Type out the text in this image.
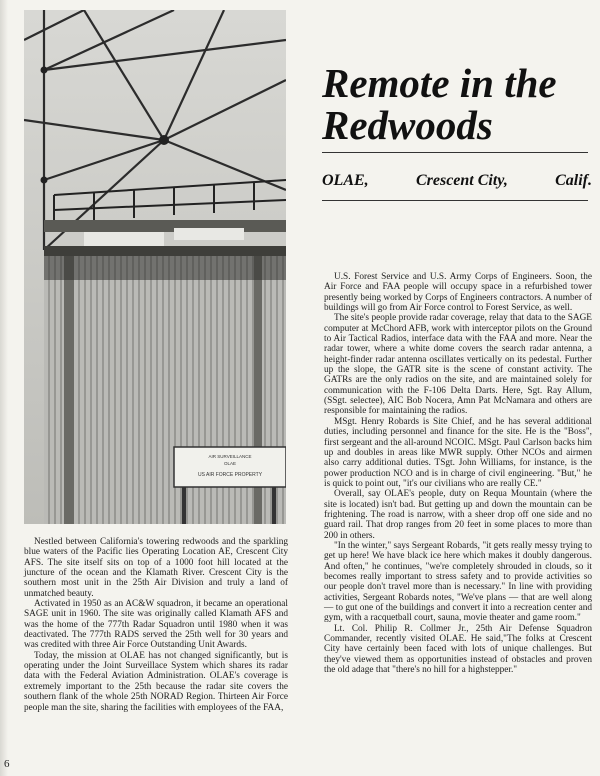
AIR SURVEILLANCE
OLAE
US AIR FORCE PROPERTY
Remote in the
Redwoods
OLAE,	Crescent City,	Calif.

Nestled between California's towering redwoods and the sparkling blue waters of the Pacific lies Operating Location AE, Crescent City AFS. The site itself sits on top of a 1000 foot hill located at the juncture of the ocean and the Klamath River. Crescent City is the southern most unit in the 25th Air Division and truly a land of unmatched beauty.

Activated in 1950 as an AC&W squadron, it became an operational SAGE unit in 1960. The site was originally called Klamath AFS and was the home of the 777th Radar Squadron until 1980 when it was deactivated. The 777th RADS served the 25th well for 30 years and was credited with three Air Force Outstanding Unit Awards.

Today, the mission at OLAE has not changed significantly, but is operating under the Joint Surveillace System which shares its radar data with the Federal Aviation Administration. OLAE's coverage is extremely important to the 25th because the radar site covers the southern flank of the whole 25th NORAD Region. Thirteen Air Force people man the site, sharing the facilities with employees of the FAA,

U.S. Forest Service and U.S. Army Corps of Engineers. Soon, the Air Force and FAA people will occupy space in a refurbished tower presently being worked by Corps of Engineers contractors. A number of buildings will go from Air Force control to Forest Service, as well.

The site's people provide radar coverage, relay that data to the SAGE computer at McChord AFB, work with interceptor pilots on the Ground to Air Tactical Radios, interface data with the FAA and more. Near the radar tower, where a white dome covers the search radar antenna, a height-finder radar antenna oscillates vertically on its pedestal. Further up the slope, the GATR site is the scene of constant activity. The GATRs are the only radios on the site, and are maintained solely for communication with the F-106 Delta Darts. Here, Sgt. Ray Allum, (SSgt. selectee), AIC Bob Nocera, Amn Pat McNamara and others are responsible for maintaining the radios.

MSgt. Henry Robards is Site Chief, and he has several additional duties, including personnel and finance for the site. He is the "Boss", first sergeant and the all-around NCOIC. MSgt. Paul Carlson backs him up and doubles in areas like MWR supply. Other NCOs and airmen also carry additional duties. TSgt. John Williams, for instance, is the power production NCO and is in charge of civil engineering. "But," he is quick to point out, "it's our civilians who are really CE."

Overall, say OLAE's people, duty on Requa Mountain (where the site is located) isn't bad. But getting up and down the mountain can be frightening. The road is narrow, with a sheer drop off one side and no guard rail. That drop ranges from 20 feet in some places to more than 200 in others.

"In the winter," says Sergeant Robards, "it gets really messy trying to get up here! We have black ice here which makes it doubly dangerous. And often," he continues, "we're completely shrouded in clouds, so it becomes really important to stress safety and to provide activities so our people don't travel more than is necessary." In line with providing activities, Sergeant Robards notes, "We've plans — that are well along — to gut one of the buildings and convert it into a recreation center and gym, with a racquetball court, sauna, movie theater and game room."

Lt. Col. Philip R. Collmer Jr., 25th Air Defense Squadron Commander, recently visited OLAE. He said,"The folks at Crescent City have certainly been faced with lots of unique challenges. But they've viewed them as opportunities instead of obstacles and proven the old adage that "there's no hill for a highstepper."

6
